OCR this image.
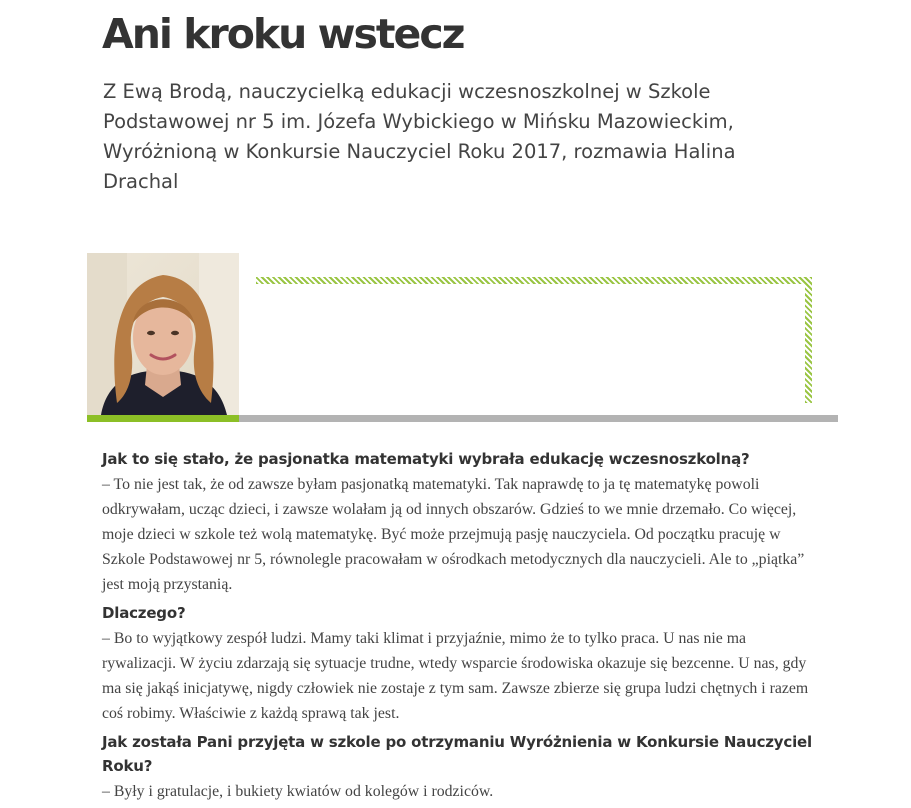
Ani kroku wstecz

Z Ewą Brodą, nauczycielką edukacji wczesnoszkolnej w Szkole Podstawowej nr 5 im. Józefa Wybickiego w Mińsku Mazowieckim, Wyróżnioną w Konkursie Nauczyciel Roku 2017, rozmawia Halina Drachal

Jak to się stało, że pasjonatka matematyki wybrała edukację wczesnoszkolną?

– To nie jest tak, że od zawsze byłam pasjonatką matematyki. Tak naprawdę to ja tę matematykę powoli odkrywałam, ucząc dzieci, i zawsze wolałam ją od innych obszarów. Gdzieś to we mnie drzemało. Co więcej, moje dzieci w szkole też wolą matematykę. Być może przejmują pasję nauczyciela. Od początku pracuję w Szkole Podstawowej nr 5, równolegle pracowałam w ośrodkach metodycznych dla nauczycieli. Ale to „piątka” jest moją przystanią.

Dlaczego?

– Bo to wyjątkowy zespół ludzi. Mamy taki klimat i przyjaźnie, mimo że to tylko praca. U nas nie ma rywalizacji. W życiu zdarzają się sytuacje trudne, wtedy wsparcie środowiska okazuje się bezcenne. U nas, gdy ma się jakąś inicjatywę, nigdy człowiek nie zostaje z tym sam. Zawsze zbierze się grupa ludzi chętnych i razem coś robimy. Właściwie z każdą sprawą tak jest.

Jak została Pani przyjęta w szkole po otrzymaniu Wyróżnienia w Konkursie Nauczyciel Roku?

– Były i gratulacje, i bukiety kwiatów od kolegów i rodziców.
